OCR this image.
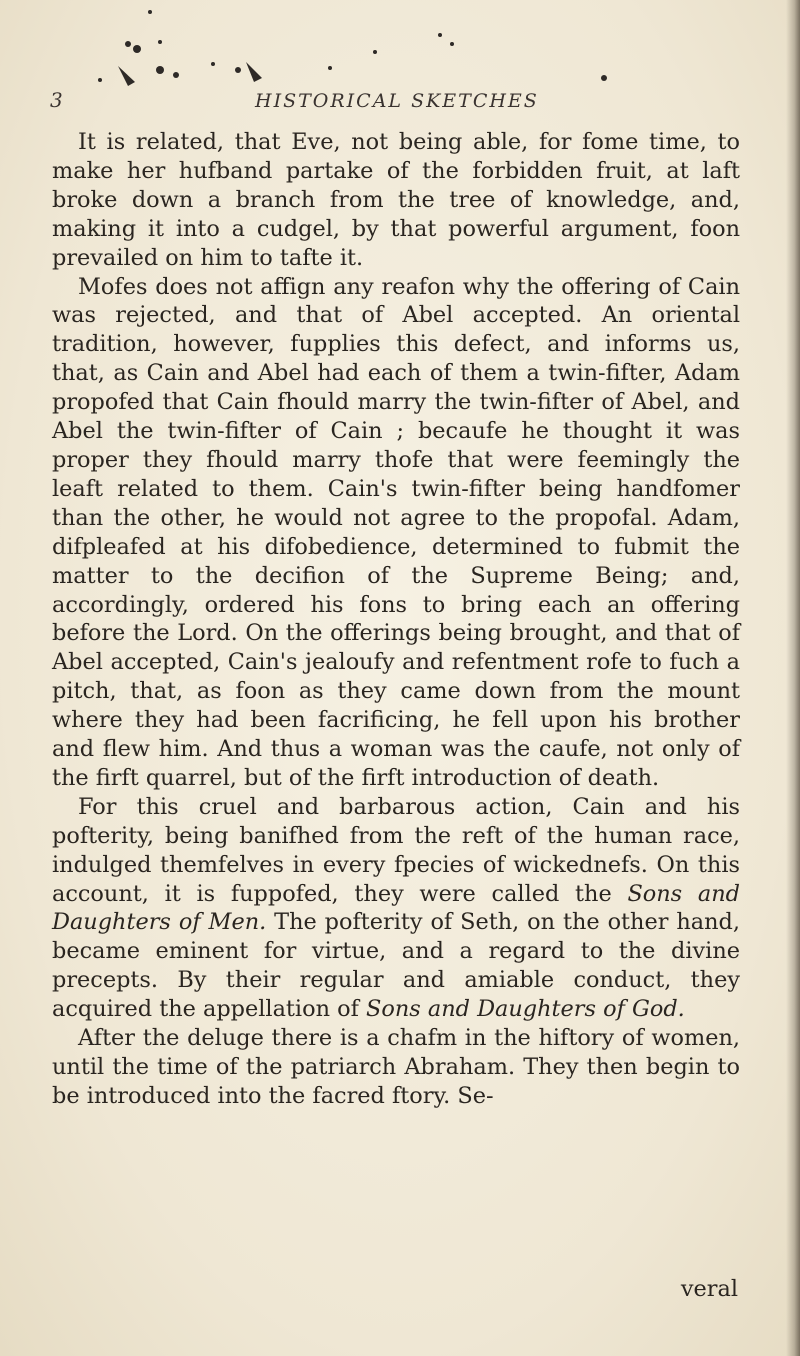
3	HISTORICAL SKETCHES

It is related, that Eve, not being able, for fome time, to make her hufband partake of the forbidden fruit, at laft broke down a branch from the tree of knowledge, and, making it into a cudgel, by that powerful argument, foon prevailed on him to tafte it.

Mofes does not affign any reafon why the offering of Cain was rejected, and that of Abel accepted. An oriental tradition, however, fupplies this defect, and informs us, that, as Cain and Abel had each of them a twin-fifter, Adam propofed that Cain fhould marry the twin-fifter of Abel, and Abel the twin-fifter of Cain ; becaufe he thought it was proper they fhould marry thofe that were feemingly the leaft related to them. Cain's twin-fifter being handfomer than the other, he would not agree to the propofal. Adam, difpleafed at his difobedience, determined to fubmit the matter to the decifion of the Supreme Being; and, accordingly, ordered his fons to bring each an offering before the Lord. On the offerings being brought, and that of Abel accepted, Cain's jealoufy and refentment rofe to fuch a pitch, that, as foon as they came down from the mount where they had been facrificing, he fell upon his brother and flew him. And thus a woman was the caufe, not only of the firft quarrel, but of the firft introduction of death.

For this cruel and barbarous action, Cain and his pofterity, being banifhed from the reft of the human race, indulged themfelves in every fpecies of wickednefs. On this account, it is fuppofed, they were called the Sons and Daughters of Men. The pofterity of Seth, on the other hand, became eminent for virtue, and a regard to the divine precepts. By their regular and amiable conduct, they acquired the appellation of Sons and Daughters of God.

After the deluge there is a chafm in the hiftory of women, until the time of the patriarch Abraham. They then begin to be introduced into the facred ftory. Se-

veral
